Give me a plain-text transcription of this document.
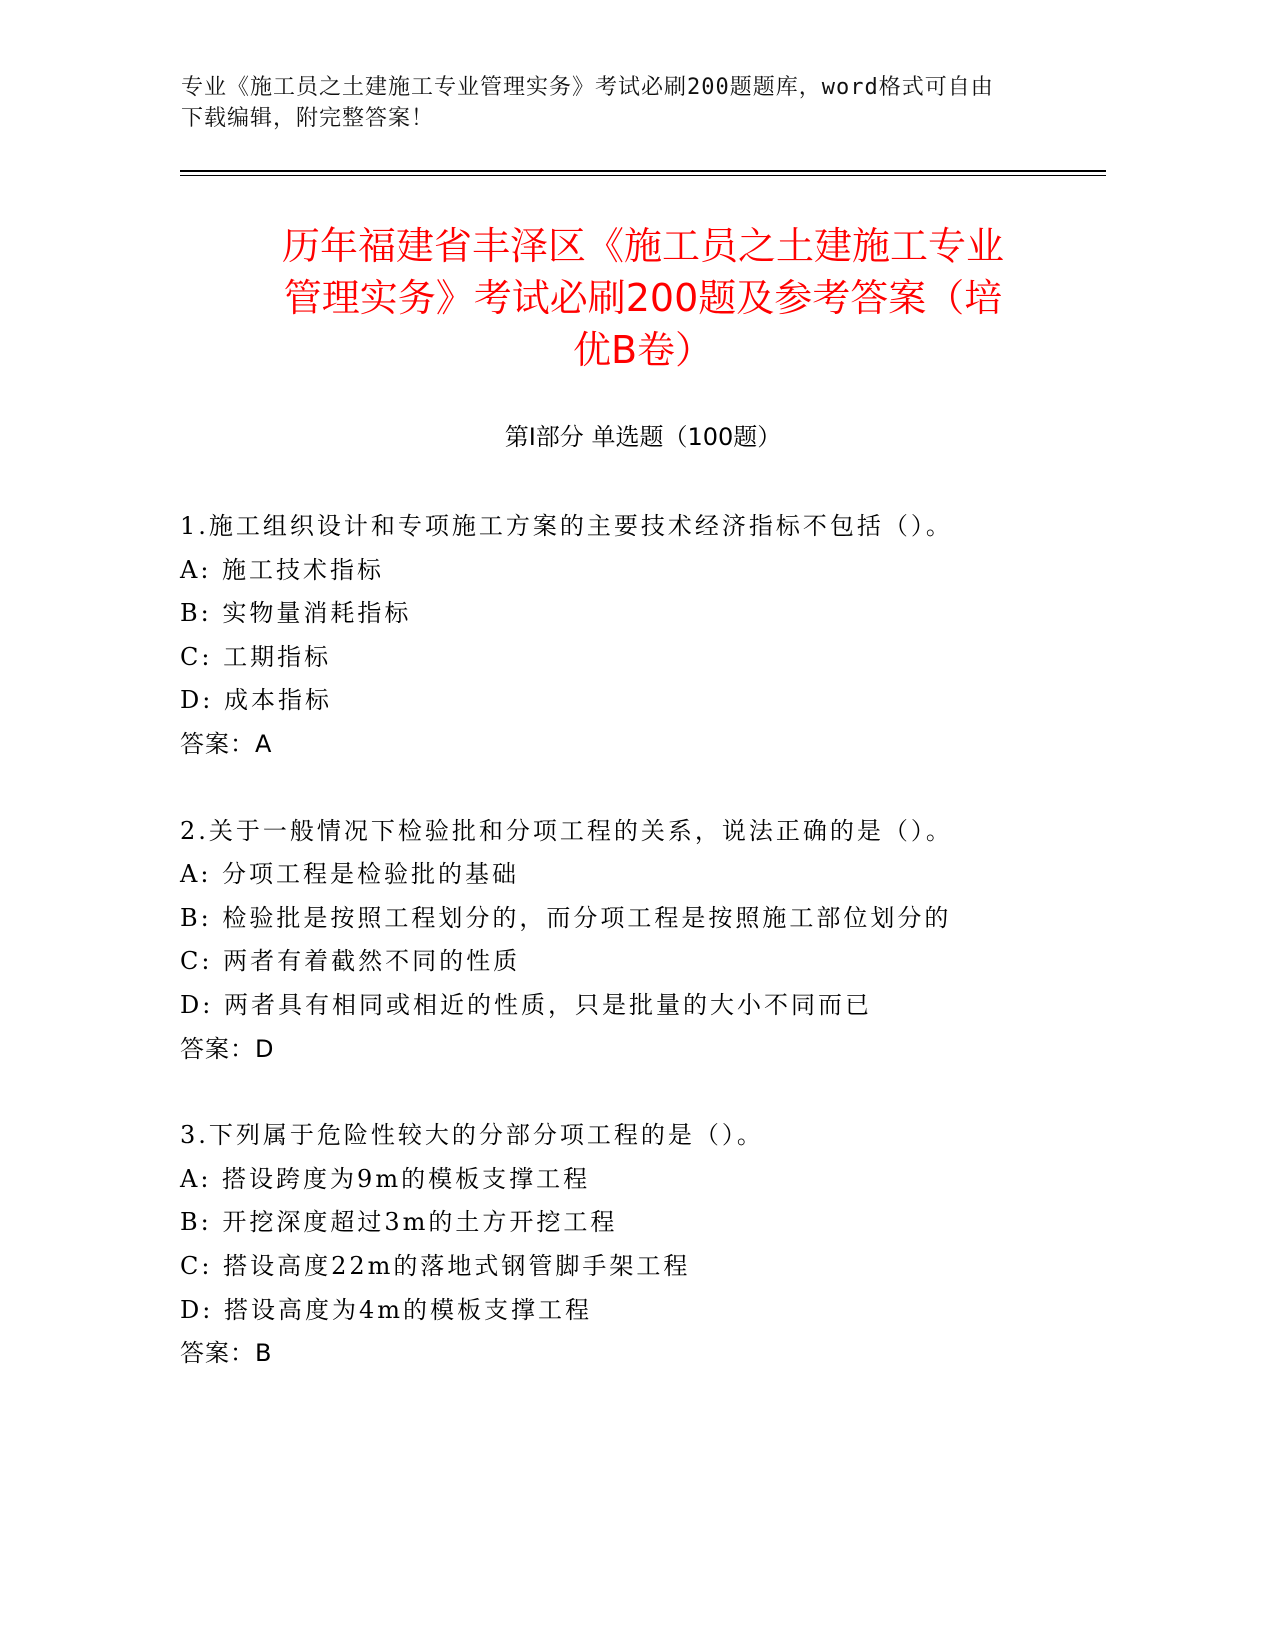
专业《施工员之土建施工专业管理实务》考试必刷200题题库，word格式可自由
下载编辑，附完整答案！
历年福建省丰泽区《施工员之土建施工专业
管理实务》考试必刷200题及参考答案（培
优B卷）
第Ⅰ部分 单选题（100题）
1.施工组织设计和专项施工方案的主要技术经济指标不包括（）。
A: 施工技术指标
B: 实物量消耗指标
C: 工期指标
D: 成本指标
答案：A
2.关于一般情况下检验批和分项工程的关系，说法正确的是（）。
A: 分项工程是检验批的基础
B: 检验批是按照工程划分的，而分项工程是按照施工部位划分的
C: 两者有着截然不同的性质
D: 两者具有相同或相近的性质，只是批量的大小不同而已
答案：D
3.下列属于危险性较大的分部分项工程的是（）。
A: 搭设跨度为9m的模板支撑工程
B: 开挖深度超过3m的土方开挖工程
C: 搭设高度22m的落地式钢管脚手架工程
D: 搭设高度为4m的模板支撑工程
答案：B
